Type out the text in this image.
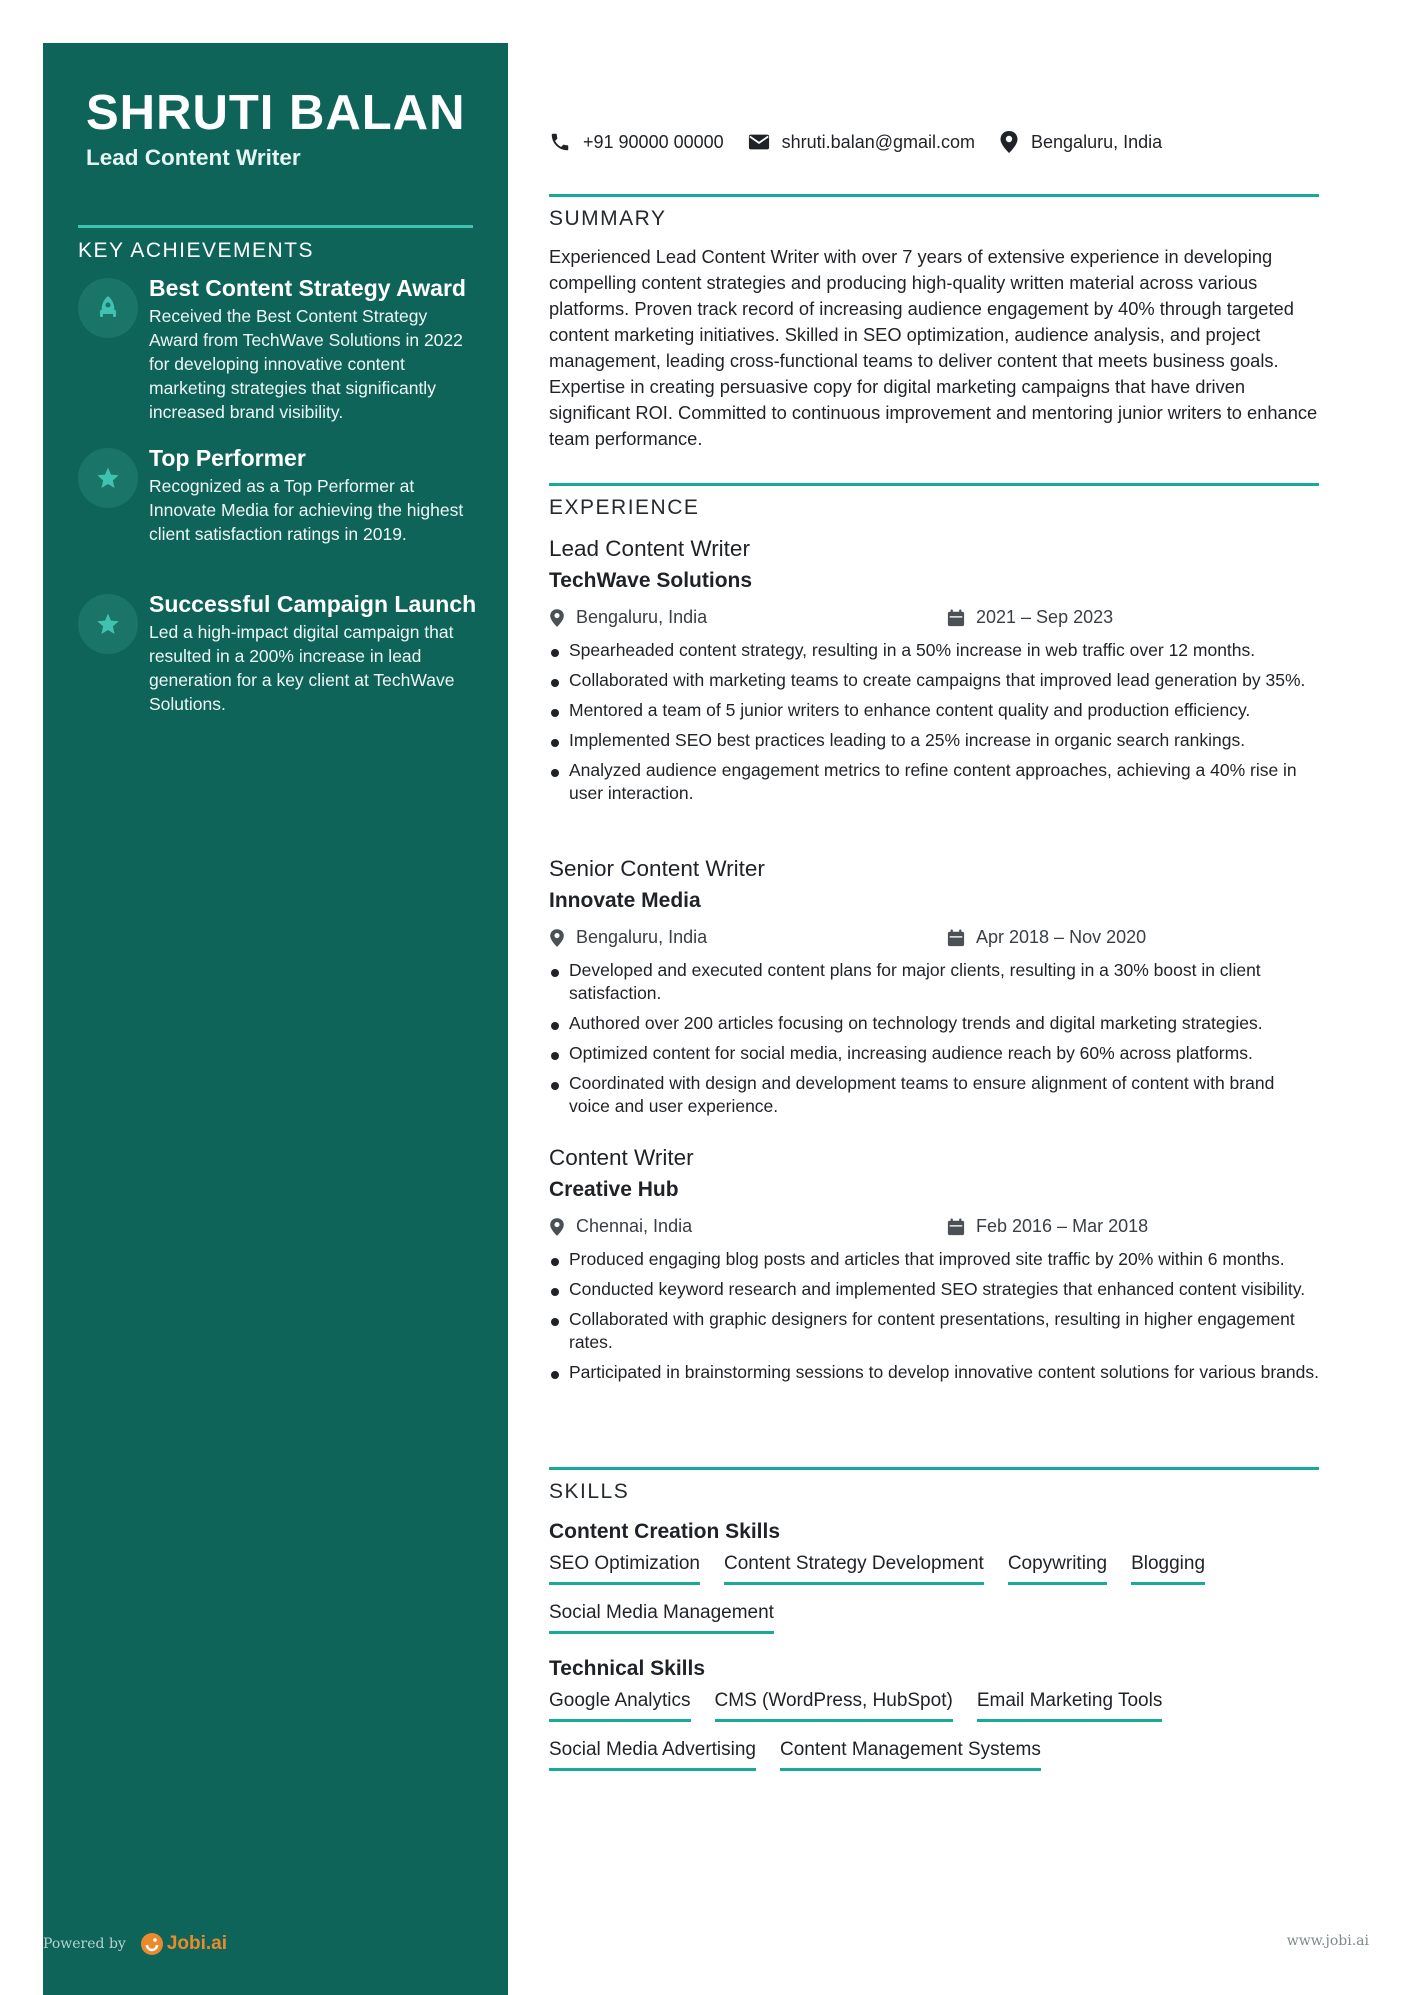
SHRUTI BALAN
Lead Content Writer
KEY ACHIEVEMENTS
Best Content Strategy Award
Received the Best Content Strategy Award from TechWave Solutions in 2022 for developing innovative content marketing strategies that significantly increased brand visibility.
Top Performer
Recognized as a Top Performer at Innovate Media for achieving the highest client satisfaction ratings in 2019.
Successful Campaign Launch
Led a high-impact digital campaign that resulted in a 200% increase in lead generation for a key client at TechWave Solutions.
Powered by Jobi.ai	www.jobi.ai
+91 90000 00000	shruti.balan@gmail.com	Bengaluru, India
SUMMARY
Experienced Lead Content Writer with over 7 years of extensive experience in developing compelling content strategies and producing high-quality written material across various platforms. Proven track record of increasing audience engagement by 40% through targeted content marketing initiatives. Skilled in SEO optimization, audience analysis, and project management, leading cross-functional teams to deliver content that meets business goals. Expertise in creating persuasive copy for digital marketing campaigns that have driven significant ROI. Committed to continuous improvement and mentoring junior writers to enhance team performance.
EXPERIENCE
Lead Content Writer
TechWave Solutions
Bengaluru, India	2021 – Sep 2023
Spearheaded content strategy, resulting in a 50% increase in web traffic over 12 months.
Collaborated with marketing teams to create campaigns that improved lead generation by 35%.
Mentored a team of 5 junior writers to enhance content quality and production efficiency.
Implemented SEO best practices leading to a 25% increase in organic search rankings.
Analyzed audience engagement metrics to refine content approaches, achieving a 40% rise in user interaction.
Senior Content Writer
Innovate Media
Bengaluru, India	Apr 2018 – Nov 2020
Developed and executed content plans for major clients, resulting in a 30% boost in client satisfaction.
Authored over 200 articles focusing on technology trends and digital marketing strategies.
Optimized content for social media, increasing audience reach by 60% across platforms.
Coordinated with design and development teams to ensure alignment of content with brand voice and user experience.
Content Writer
Creative Hub
Chennai, India	Feb 2016 – Mar 2018
Produced engaging blog posts and articles that improved site traffic by 20% within 6 months.
Conducted keyword research and implemented SEO strategies that enhanced content visibility.
Collaborated with graphic designers for content presentations, resulting in higher engagement rates.
Participated in brainstorming sessions to develop innovative content solutions for various brands.
SKILLS
Content Creation Skills
SEO Optimization Content Strategy Development Copywriting Blogging
Social Media Management
Technical Skills
Google Analytics CMS (WordPress, HubSpot) Email Marketing Tools
Social Media Advertising Content Management Systems
